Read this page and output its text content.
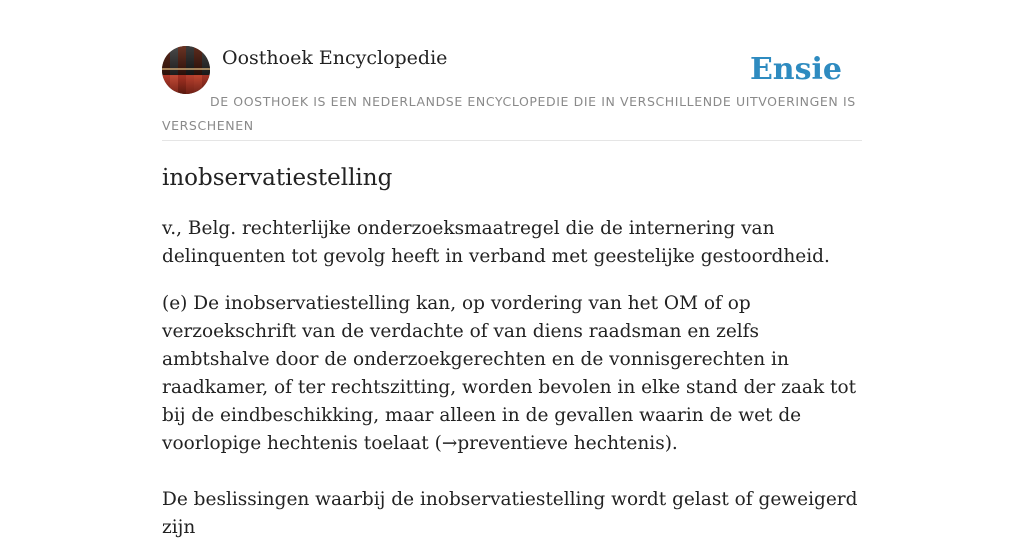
Oosthoek Encyclopedie	Ensie
DE OOSTHOEK IS EEN NEDERLANDSE ENCYCLOPEDIE DIE IN VERSCHILLENDE UITVOERINGEN IS VERSCHENEN
inobservatiestelling

v., Belg. rechterlijke onderzoeksmaatregel die de internering van delinquenten tot gevolg heeft in verband met geestelijke gestoordheid.

(e) De inobservatiestelling kan, op vordering van het OM of op verzoekschrift van de verdachte of van diens raadsman en zelfs ambtshalve door de onderzoekgerechten en de vonnisgerechten in raadkamer, of ter rechtszitting, worden bevolen in elke stand der zaak tot bij de eindbeschikking, maar alleen in de gevallen waarin de wet de voorlopige hechtenis toelaat (→preventieve hechtenis).

De beslissingen waarbij de inobservatiestelling wordt gelast of geweigerd zijn
